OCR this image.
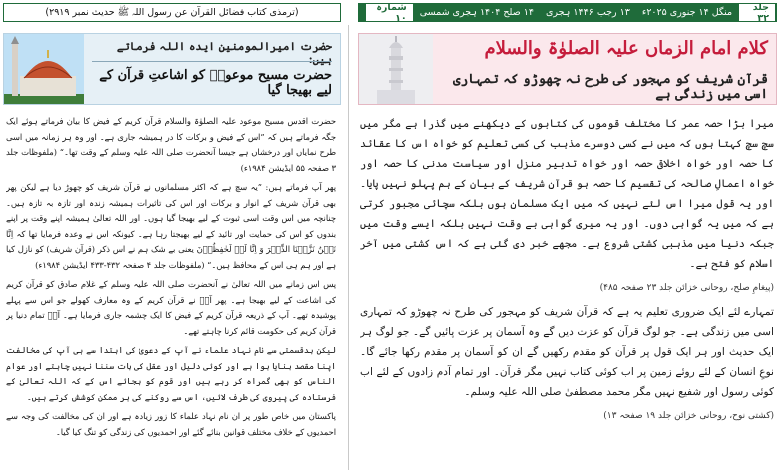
(ترمذی کتاب فضائل القرآن عن رسول اللہ ﷺ حدیث نمبر ۲۹۱۹)	جلد ۳۲
منگل ۱۴ جنوری ۲۰۲۵ء
۱۳ رجب ۱۴۴۶ ہجری
۱۴ صلح ۱۴۰۴ ہجری شمسی
شمارہ ۱۰
کلام امام الزماں علیہ الصلوٰۃ والسلام
قرآن شریف کو مہجور کی طرح نہ چھوڑو کہ تمہاری اسی میں زندگی ہے
حضرت امیرالمومنین ایدہ اللہ فرماتے ہیں:
حضرت مسیح موعودؑ کو اشاعتِ قرآن کے لیے بھیجا گیا

میرا بڑا حصہ عمر کا مختلف قوموں کی کتابوں کے دیکھنے میں گذرا ہے مگر میں سچ سچ کہتا ہوں کہ میں نے کسی دوسرے مذہب کی کسی تعلیم کو خواہ اس کا عقائد کا حصہ اور خواہ اخلاقی حصہ اور خواہ تدبیر منزل اور سیاست مدنی کا حصہ اور خواہ اعمالِ صالحہ کی تقسیم کا حصہ ہو قرآن شریف کے بیان کے ہم پہلو نہیں پایا۔ اور یہ قول میرا اس لئے نہیں کہ میں ایک مسلمان ہوں بلکہ سچائی مجبور کرتی ہے کہ میں یہ گواہی دوں۔ اور یہ میری گواہی بے وقت نہیں بلکہ ایسے وقت میں جبکہ دنیا میں مذہبی کشتی شروع ہے۔ مجھے خبر دی گئی ہے کہ اس کشتی میں آخر اسلام کو فتح ہے۔

(پیغامِ صلح، روحانی خزائن جلد ۲۳ صفحہ ۴۸۵)

تمہارے لئے ایک ضروری تعلیم یہ ہے کہ قرآن شریف کو مہجور کی طرح نہ چھوڑو کہ تمہاری اسی میں زندگی ہے۔ جو لوگ قرآن کو عزت دیں گے وہ آسمان پر عزت پائیں گے۔ جو لوگ ہر ایک حدیث اور ہر ایک قول پر قرآن کو مقدم رکھیں گے ان کو آسمان پر مقدم رکھا جائے گا۔ نوعِ انسان کے لئے روئے زمین پر اب کوئی کتاب نہیں مگر قرآن۔ اور تمام آدم زادوں کے لئے اب کوئی رسول اور شفیع نہیں مگر محمد مصطفیٰ صلی اللہ علیہ وسلم۔

(کشتی نوح، روحانی خزائن جلد ۱۹ صفحہ ۱۳)

حضرت اقدس مسیح موعود علیہ الصلوٰۃ والسلام قرآن کریم کے فیض کا بیان فرماتے ہوئے ایک جگہ فرماتے ہیں کہ ”اس کے فیض و برکات کا در ہمیشہ جاری ہے۔ اور وہ ہر زمانہ میں اسی طرح نمایاں اور درخشاں ہے جیسا آنحضرت صلی اللہ علیہ وسلم کے وقت تھا۔“ (ملفوظات جلد ۳ صفحہ ۵۵ ایڈیشن ۱۹۸۴ء)

پھر آپ فرماتے ہیں: ”یہ سچ ہے کہ اکثر مسلمانوں نے قرآن شریف کو چھوڑ دیا ہے لیکن پھر بھی قرآن شریف کے انوار و برکات اور اس کی تاثیرات ہمیشہ زندہ اور تازہ بہ تازہ ہیں۔ چنانچہ میں اس وقت اسی ثبوت کے لیے بھیجا گیا ہوں۔ اور اللہ تعالیٰ ہمیشہ اپنے وقت پر اپنے بندوں کو اس کی حمایت اور تائید کے لیے بھیجتا رہا ہے۔ کیونکہ اس نے وعدہ فرمایا تھا کہ اِنَّا نَحۡنُ نَزَّلۡنَا الذِّکۡرَ وَ اِنَّا لَہٗ لَحٰفِظُوۡنَ یعنی بے شک ہم نے اس ذکر (قرآن شریف) کو نازل کیا ہے اور ہم ہی اس کے محافظ ہیں۔“ (ملفوظات جلد ۴ صفحہ ۴۳۲-۴۳۳ ایڈیشن ۱۹۸۴ء)

پس اس زمانے میں اللہ تعالیٰ نے آنحضرت صلی اللہ علیہ وسلم کے غلام صادق کو قرآن کریم کی اشاعت کے لیے بھیجا ہے۔ پھر آپؑ نے قرآن کریم کے وہ معارف کھولے جو اس سے پہلے پوشیدہ تھے۔ آپ کے ذریعہ قرآن کریم کے فیض کا ایک چشمہ جاری فرمایا ہے۔ آپؑ تمام دنیا پر قرآن کریم کی حکومت قائم کرنا چاہتے تھے۔

لیکن بدقسمتی سے نام نہاد علماء نے آپ کے دعویٰ کی ابتدا سے ہی آپ کی مخالفت اپنا مقصد بنایا ہوا ہے اور کوئی دلیل اور عقل کی بات سننا نہیں چاہتے اور عوام الناس کو بھی گمراہ کر رہے ہیں اور قوم کو بجائے اس کے کہ اللہ تعالیٰ کے فرستادہ کی پیروی کی طرف لائیں، اس سے روکنے کی ہر ممکن کوشش کرتے ہیں۔

پاکستان میں خاص طور پر ان نام نہاد علماء کا زور زیادہ ہے اور ان کی مخالفت کی وجہ سے احمدیوں کے خلاف مختلف قوانین بنائے گئے اور احمدیوں کی زندگی کو تنگ کیا گیا۔
